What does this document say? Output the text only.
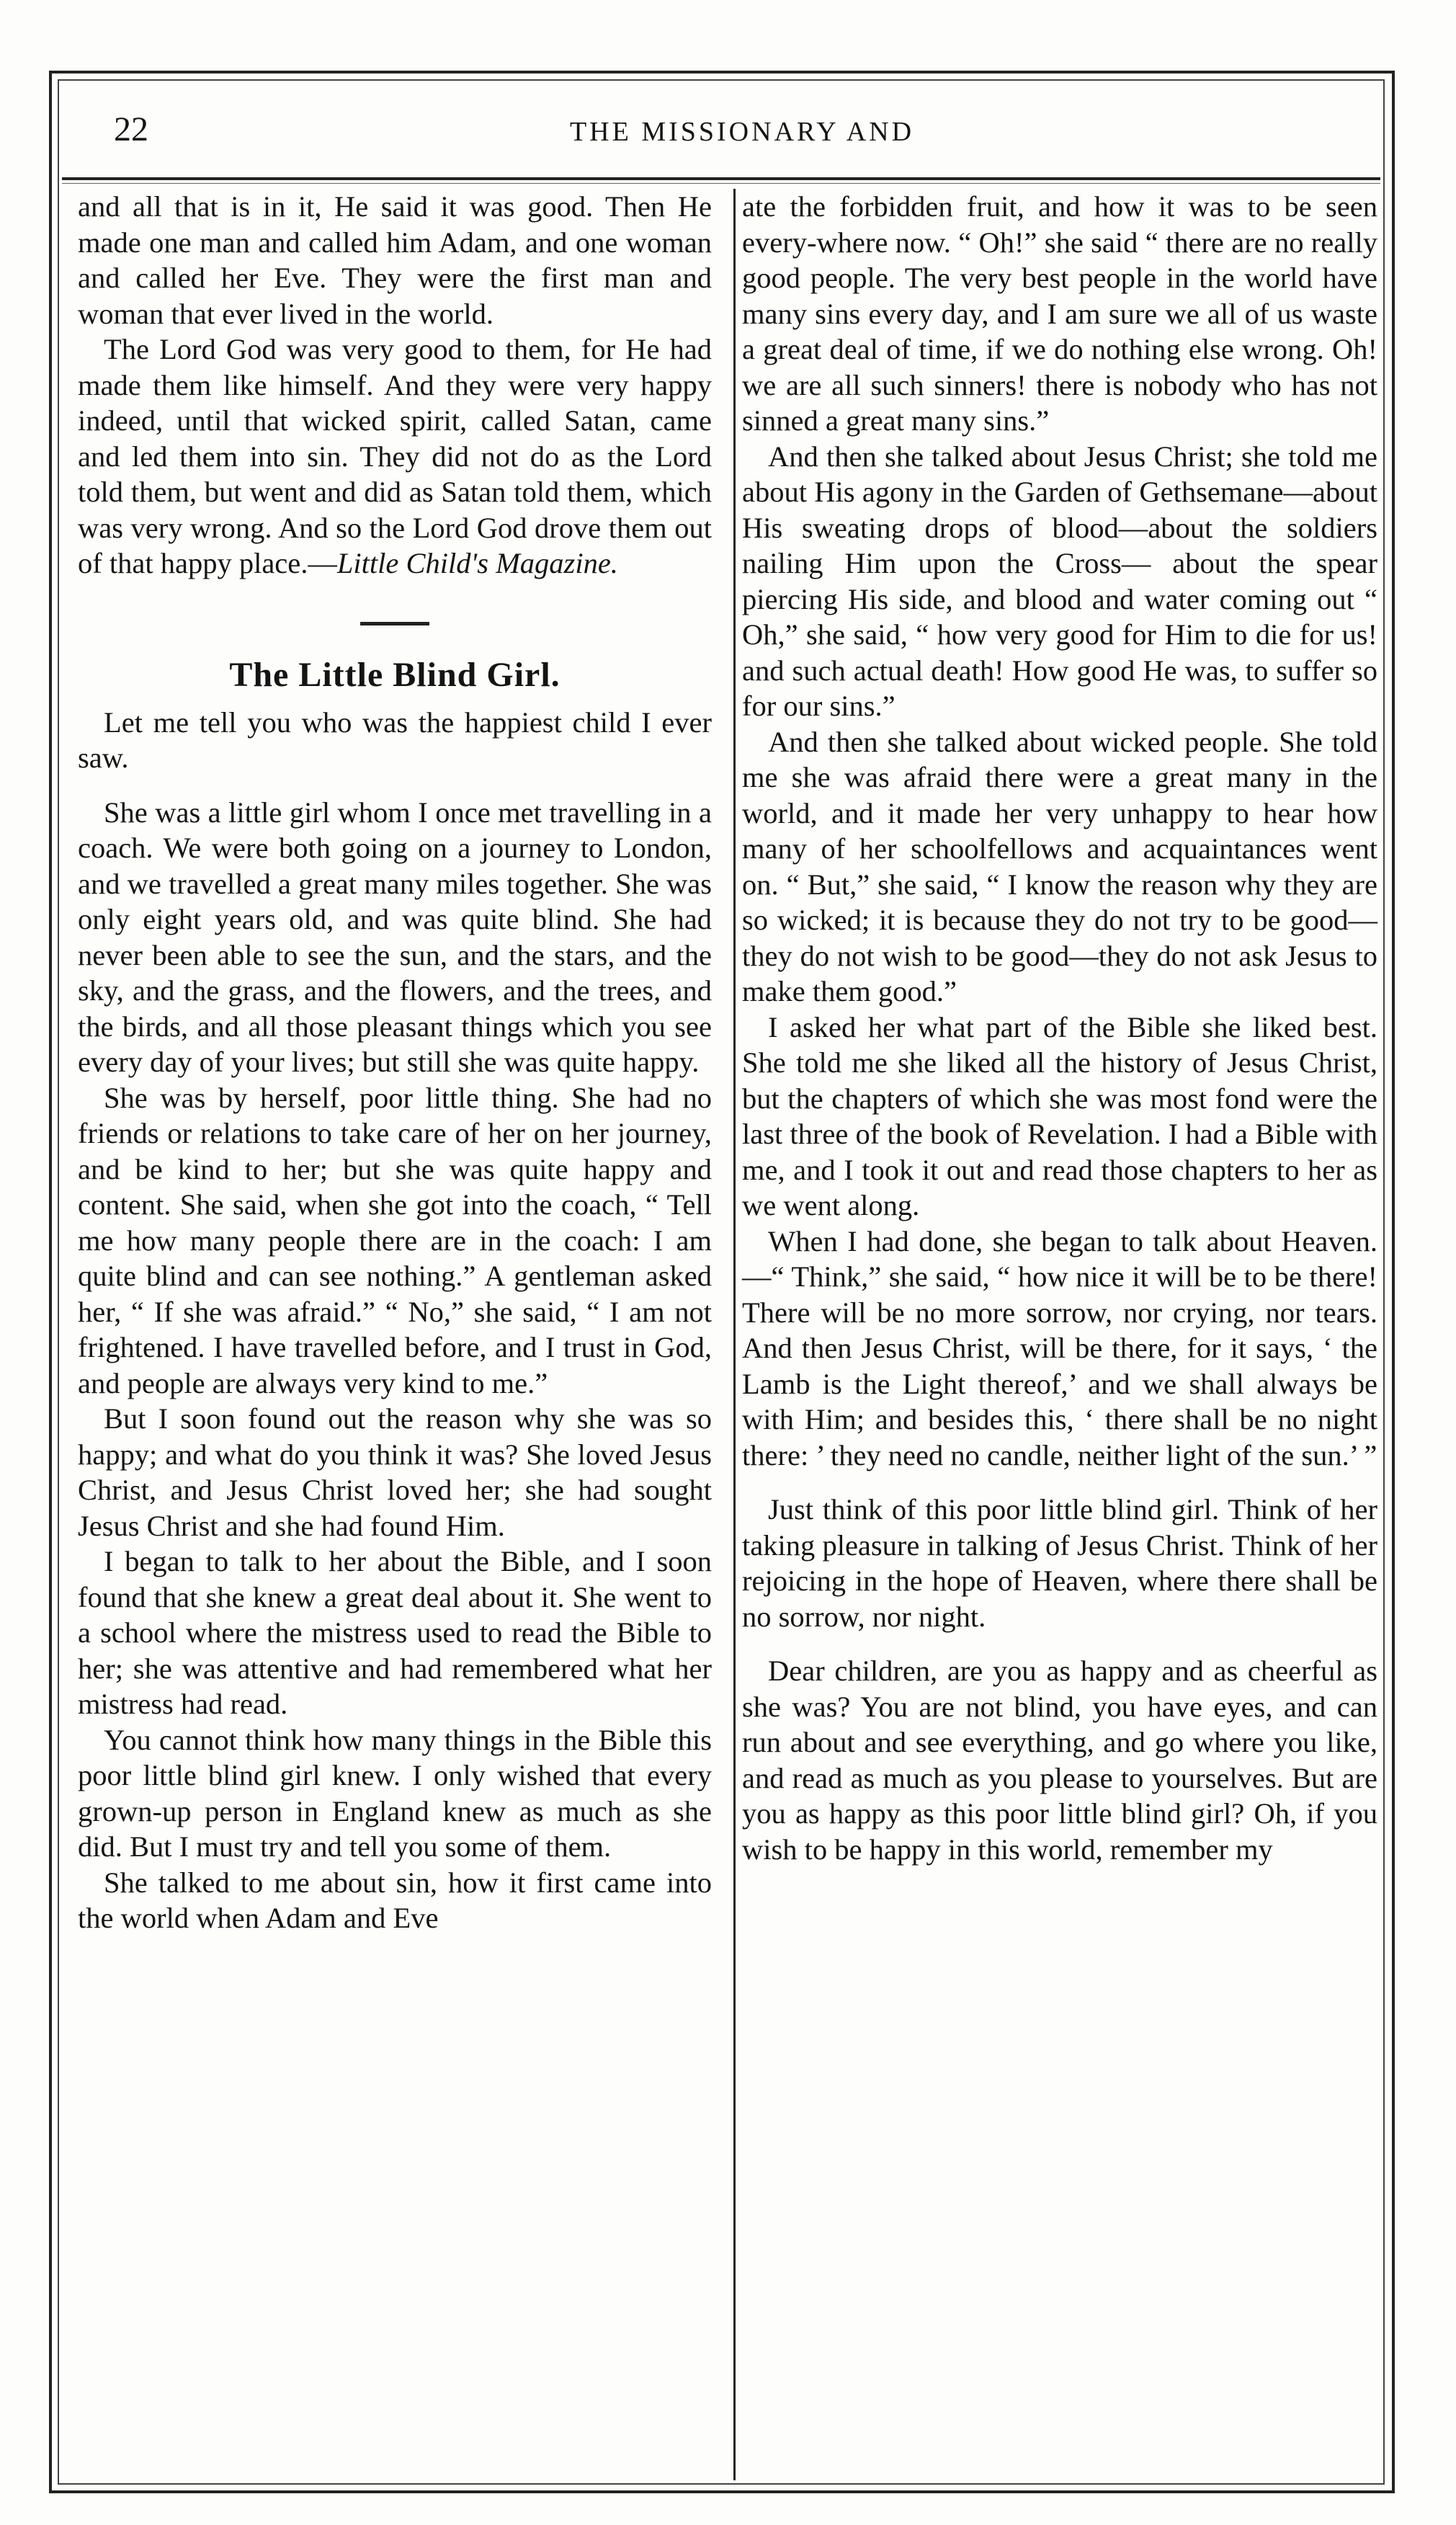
22	THE MISSIONARY AND

and all that is in it, He said it was good. Then He made one man and called him Adam, and one woman and called her Eve. They were the first man and woman that ever lived in the world.

The Lord God was very good to them, for He had made them like himself. And they were very happy indeed, until that wicked spirit, called Satan, came and led them into sin. They did not do as the Lord told them, but went and did as Satan told them, which was very wrong. And so the Lord God drove them out of that happy place.—Little Child's Magazine.

The Little Blind Girl.

Let me tell you who was the happiest child I ever saw.

She was a little girl whom I once met travelling in a coach. We were both going on a journey to London, and we travelled a great many miles together. She was only eight years old, and was quite blind. She had never been able to see the sun, and the stars, and the sky, and the grass, and the flowers, and the trees, and the birds, and all those pleasant things which you see every day of your lives; but still she was quite happy.

She was by herself, poor little thing. She had no friends or relations to take care of her on her journey, and be kind to her; but she was quite happy and content. She said, when she got into the coach, “ Tell me how many people there are in the coach: I am quite blind and can see nothing.” A gentleman asked her, “ If she was afraid.” “ No,” she said, “ I am not frightened. I have travelled before, and I trust in God, and people are always very kind to me.”

But I soon found out the reason why she was so happy; and what do you think it was? She loved Jesus Christ, and Jesus Christ loved her; she had sought Jesus Christ and she had found Him.

I began to talk to her about the Bible, and I soon found that she knew a great deal about it. She went to a school where the mistress used to read the Bible to her; she was attentive and had remembered what her mistress had read.

You cannot think how many things in the Bible this poor little blind girl knew. I only wished that every grown-up person in England knew as much as she did. But I must try and tell you some of them.

She talked to me about sin, how it first came into the world when Adam and Eve

ate the forbidden fruit, and how it was to be seen every-where now. “ Oh!” she said “ there are no really good people. The very best people in the world have many sins every day, and I am sure we all of us waste a great deal of time, if we do nothing else wrong. Oh! we are all such sinners! there is nobody who has not sinned a great many sins.”

And then she talked about Jesus Christ; she told me about His agony in the Garden of Gethsemane—about His sweating drops of blood—about the soldiers nailing Him upon the Cross— about the spear piercing His side, and blood and water coming out “ Oh,” she said, “ how very good for Him to die for us! and such actual death! How good He was, to suffer so for our sins.”

And then she talked about wicked people. She told me she was afraid there were a great many in the world, and it made her very unhappy to hear how many of her schoolfellows and acquaintances went on. “ But,” she said, “ I know the reason why they are so wicked; it is because they do not try to be good—they do not wish to be good—they do not ask Jesus to make them good.”

I asked her what part of the Bible she liked best. She told me she liked all the history of Jesus Christ, but the chapters of which she was most fond were the last three of the book of Revelation. I had a Bible with me, and I took it out and read those chapters to her as we went along.

When I had done, she began to talk about Heaven.—“ Think,” she said, “ how nice it will be to be there! There will be no more sorrow, nor crying, nor tears. And then Jesus Christ, will be there, for it says, ‘ the Lamb is the Light thereof,’ and we shall always be with Him; and besides this, ‘ there shall be no night there: ’ they need no candle, neither light of the sun.’ ”

Just think of this poor little blind girl. Think of her taking pleasure in talking of Jesus Christ. Think of her rejoicing in the hope of Heaven, where there shall be no sorrow, nor night.

Dear children, are you as happy and as cheerful as she was? You are not blind, you have eyes, and can run about and see everything, and go where you like, and read as much as you please to yourselves. But are you as happy as this poor little blind girl? Oh, if you wish to be happy in this world, remember my
